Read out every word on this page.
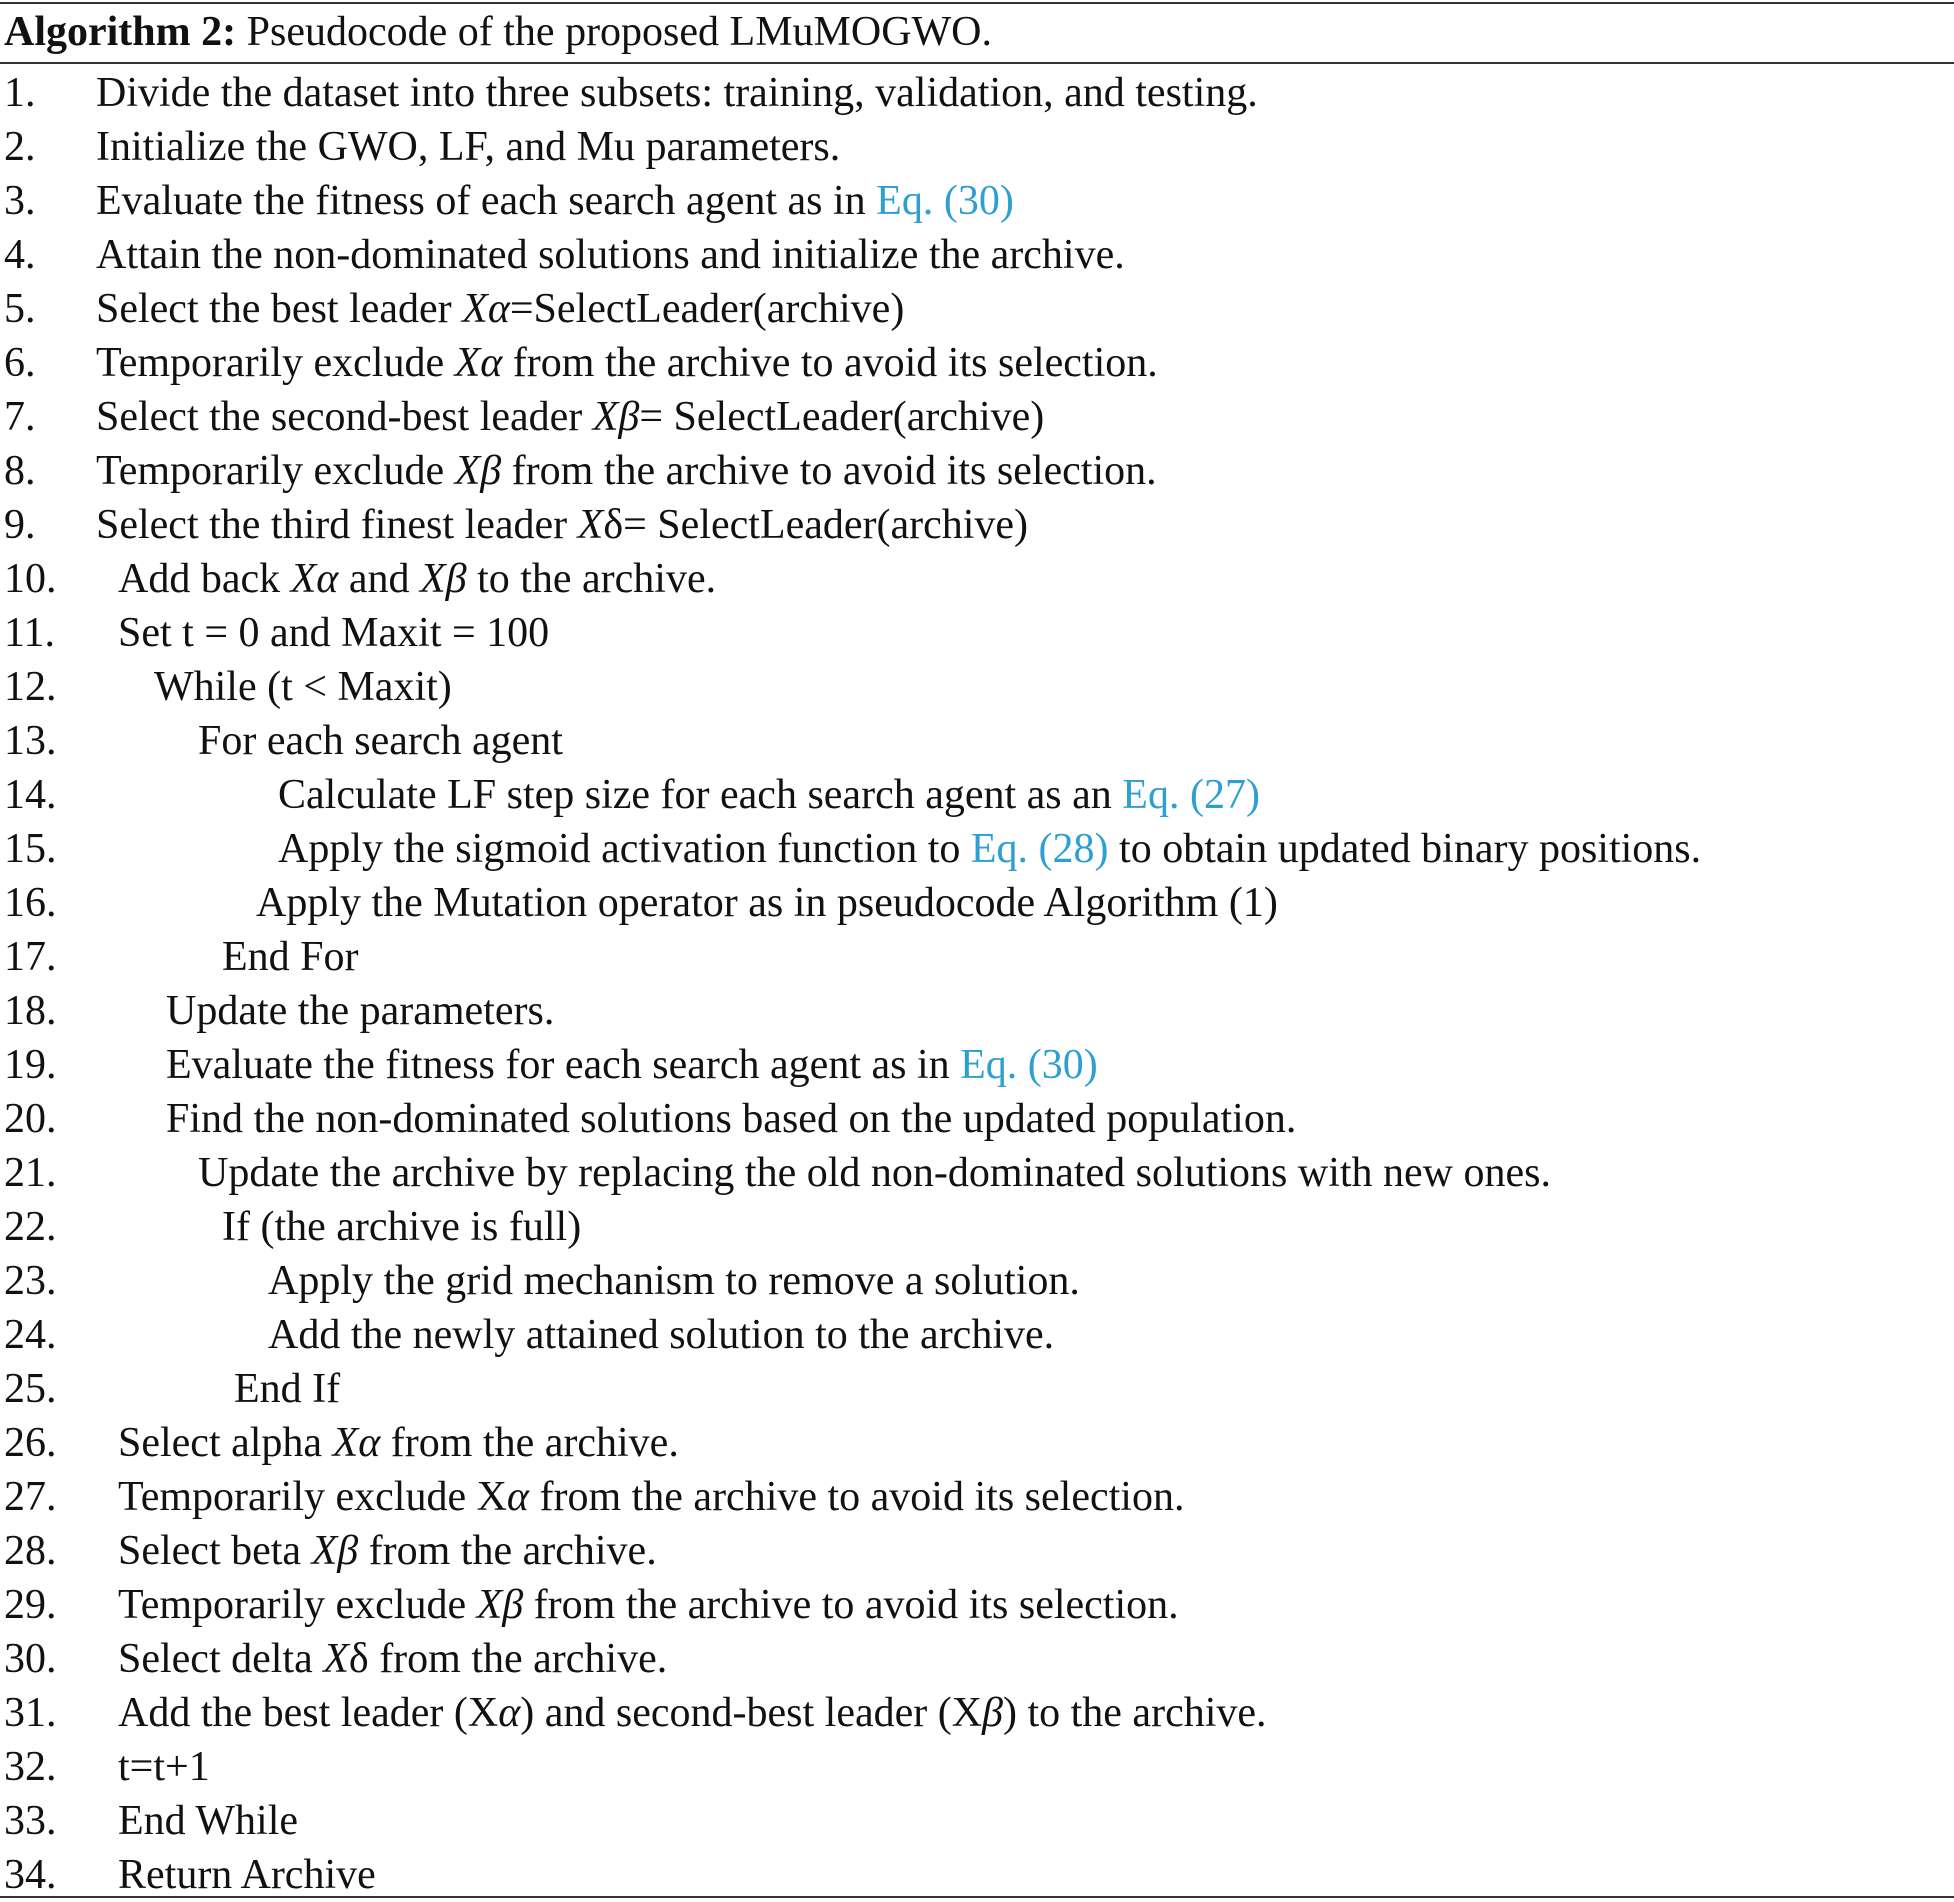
Algorithm 2: Pseudocode of the proposed LMuMOGWO.
1. Divide the dataset into three subsets: training, validation, and testing.
2. Initialize the GWO, LF, and Mu parameters.
3. Evaluate the fitness of each search agent as in Eq. (30)
4. Attain the non-dominated solutions and initialize the archive.
5. Select the best leader Xα=SelectLeader(archive)
6. Temporarily exclude Xα from the archive to avoid its selection.
7. Select the second-best leader Xβ= SelectLeader(archive)
8. Temporarily exclude Xβ from the archive to avoid its selection.
9. Select the third finest leader Xδ= SelectLeader(archive)
10. Add back Xα and Xβ to the archive.
11. Set t = 0 and Maxit = 100
12. While (t < Maxit)
13.	For each search agent
14.	Calculate LF step size for each search agent as an Eq. (27)
15.	Apply the sigmoid activation function to Eq. (28) to obtain updated binary positions.
16.	Apply the Mutation operator as in pseudocode Algorithm (1)
17.	End For
18.	Update the parameters.
19.	Evaluate the fitness for each search agent as in Eq. (30)
20.	Find the non-dominated solutions based on the updated population.
21.	Update the archive by replacing the old non-dominated solutions with new ones.
22.	If (the archive is full)
23.	Apply the grid mechanism to remove a solution.
24.	Add the newly attained solution to the archive.
25.	End If
26. Select alpha Xα from the archive.
27. Temporarily exclude Xα from the archive to avoid its selection.
28. Select beta Xβ from the archive.
29. Temporarily exclude Xβ from the archive to avoid its selection.
30. Select delta Xδ from the archive.
31. Add the best leader (Xα) and second-best leader (Xβ) to the archive.
32. t=t+1
33. End While
34. Return Archive
